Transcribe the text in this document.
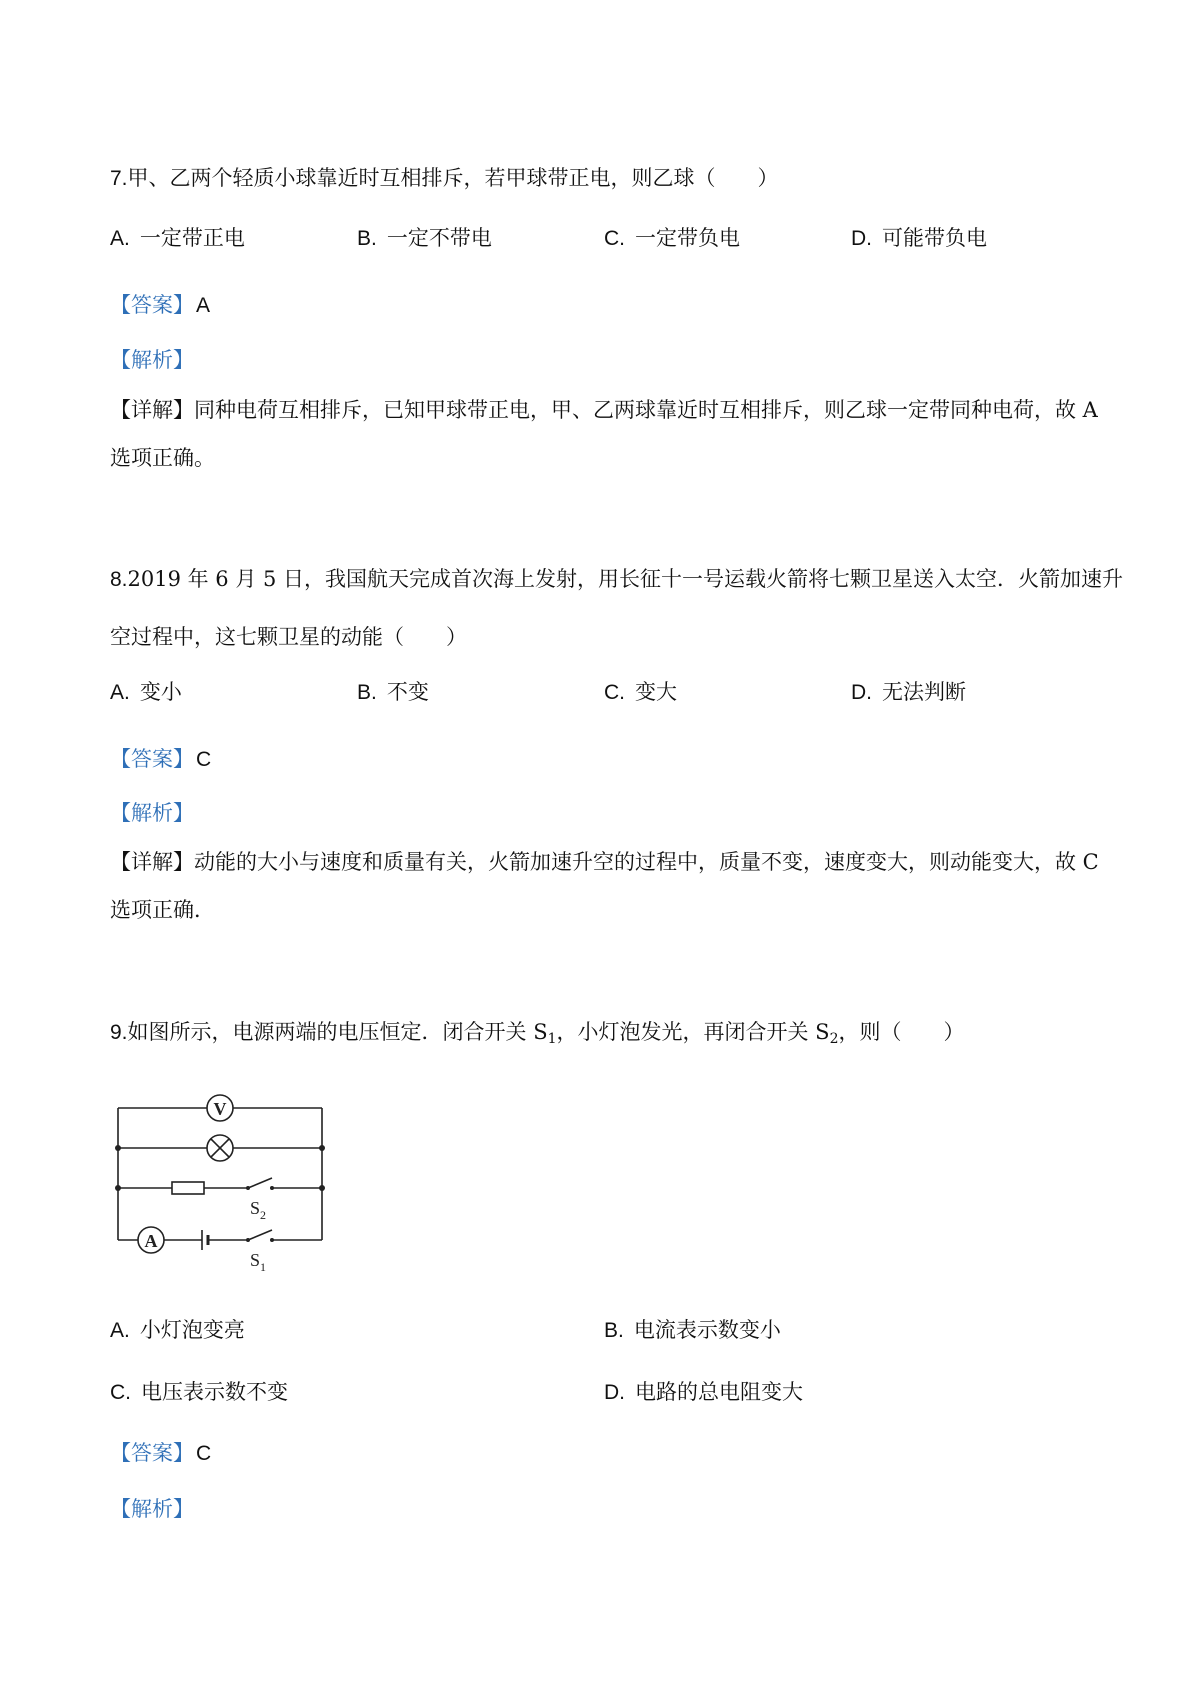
7.甲、乙两个轻质小球靠近时互相排斥，若甲球带正电，则乙球（　　）
A. 一定带正电	B. 一定不带电	C. 一定带负电	D. 可能带负电
【答案】A
【解析】
【详解】同种电荷互相排斥，已知甲球带正电，甲、乙两球靠近时互相排斥，则乙球一定带同种电荷，故 A
选项正确。
8.2019 年 6 月 5 日，我国航天完成首次海上发射，用长征十一号运载火箭将七颗卫星送入太空．火箭加速升
空过程中，这七颗卫星的动能（　　）
A. 变小	B. 不变	C. 变大	D. 无法判断
【答案】C
【解析】
【详解】动能的大小与速度和质量有关，火箭加速升空的过程中，质量不变，速度变大，则动能变大，故 C
选项正确．
9.如图所示，电源两端的电压恒定．闭合开关 $S_1$，小灯泡发光，再闭合开关 $S_2$，则（　　）
V
$S_2$
A
$S_1$
A. 小灯泡变亮	B. 电流表示数变小
C. 电压表示数不变	D. 电路的总电阻变大
【答案】C
【解析】
